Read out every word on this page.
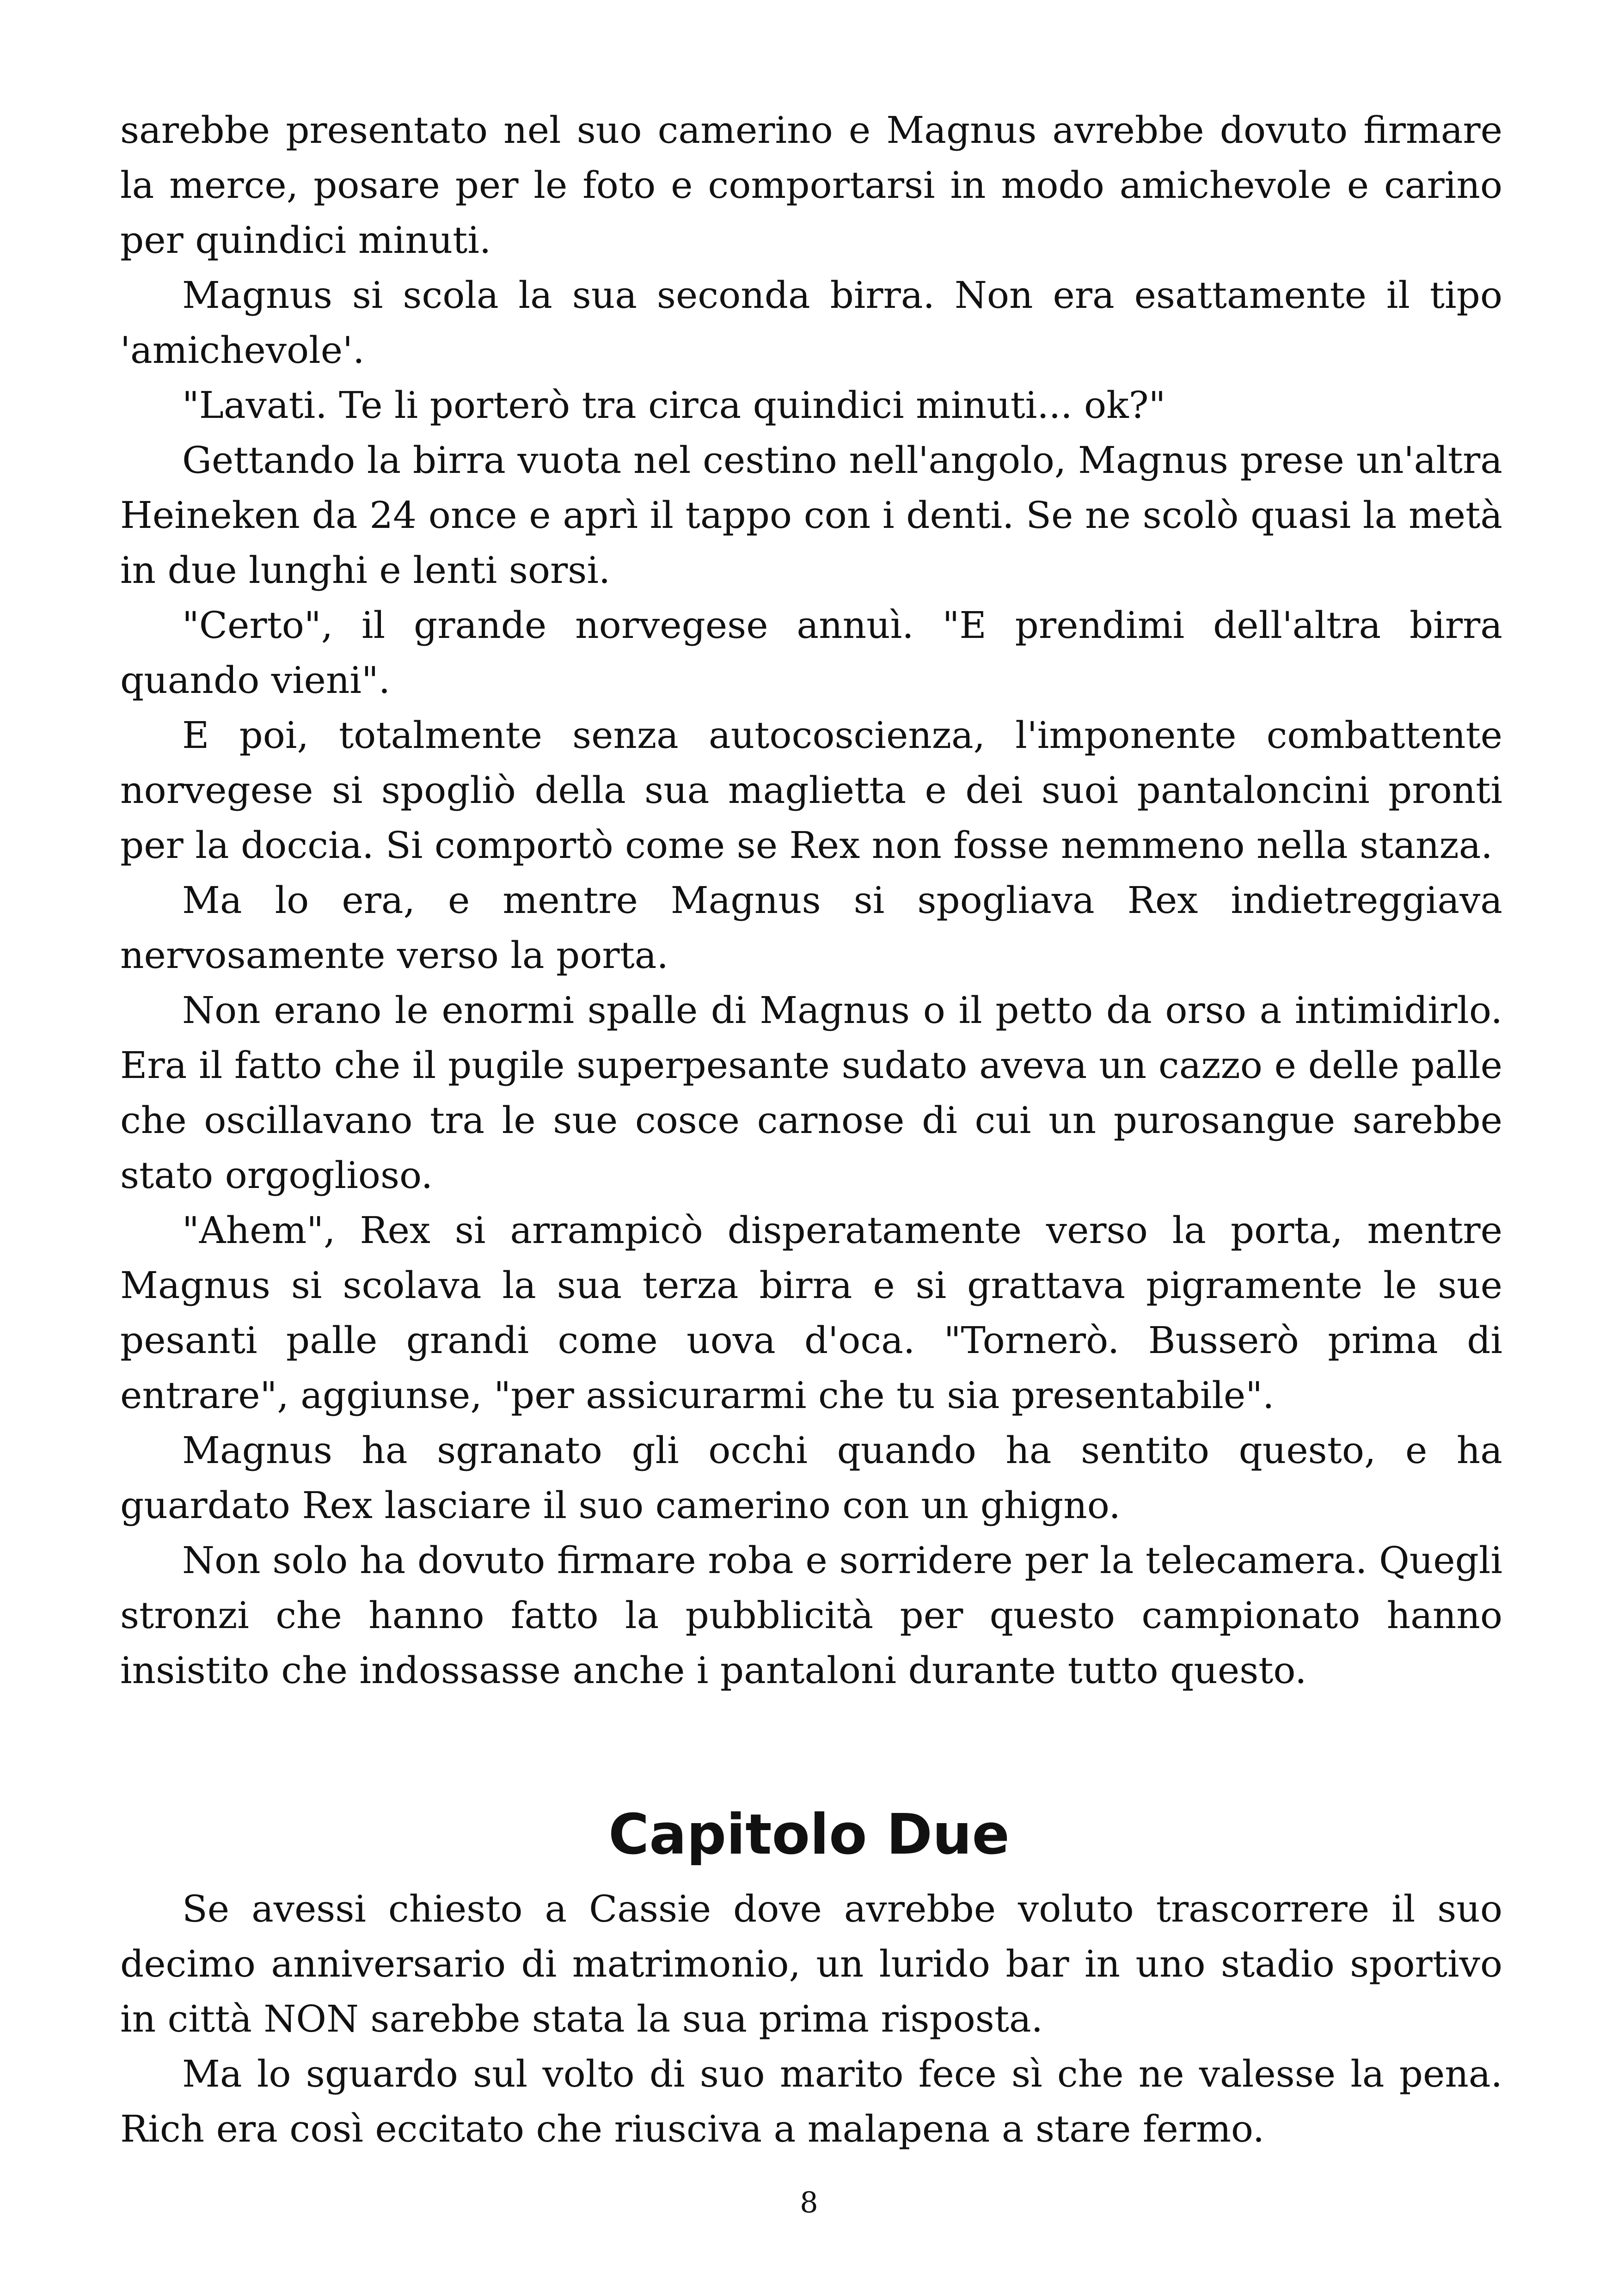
sarebbe presentato nel suo camerino e Magnus avrebbe dovuto firmare la merce, posare per le foto e comportarsi in modo amichevole e carino per quindici minuti.

Magnus si scola la sua seconda birra. Non era esattamente il tipo 'amichevole'.

"Lavati. Te li porterò tra circa quindici minuti... ok?"

Gettando la birra vuota nel cestino nell'angolo, Magnus prese un'altra Heineken da 24 once e aprì il tappo con i denti. Se ne scolò quasi la metà in due lunghi e lenti sorsi.

"Certo", il grande norvegese annuì. "E prendimi dell'altra birra quando vieni".

E poi, totalmente senza autocoscienza, l'imponente combattente norvegese si spogliò della sua maglietta e dei suoi pantaloncini pronti per la doccia. Si comportò come se Rex non fosse nemmeno nella stanza.

Ma lo era, e mentre Magnus si spogliava Rex indietreggiava nervosamente verso la porta.

Non erano le enormi spalle di Magnus o il petto da orso a intimidirlo. Era il fatto che il pugile superpesante sudato aveva un cazzo e delle palle che oscillavano tra le sue cosce carnose di cui un purosangue sarebbe stato orgoglioso.

"Ahem", Rex si arrampicò disperatamente verso la porta, mentre Magnus si scolava la sua terza birra e si grattava pigramente le sue pesanti palle grandi come uova d'oca. "Tornerò. Busserò prima di entrare", aggiunse, "per assicurarmi che tu sia presentabile".

Magnus ha sgranato gli occhi quando ha sentito questo, e ha guardato Rex lasciare il suo camerino con un ghigno.

Non solo ha dovuto firmare roba e sorridere per la telecamera. Quegli stronzi che hanno fatto la pubblicità per questo campionato hanno insistito che indossasse anche i pantaloni durante tutto questo.

Capitolo Due

Se avessi chiesto a Cassie dove avrebbe voluto trascorrere il suo decimo anniversario di matrimonio, un lurido bar in uno stadio sportivo in città NON sarebbe stata la sua prima risposta.

Ma lo sguardo sul volto di suo marito fece sì che ne valesse la pena. Rich era così eccitato che riusciva a malapena a stare fermo.

8
